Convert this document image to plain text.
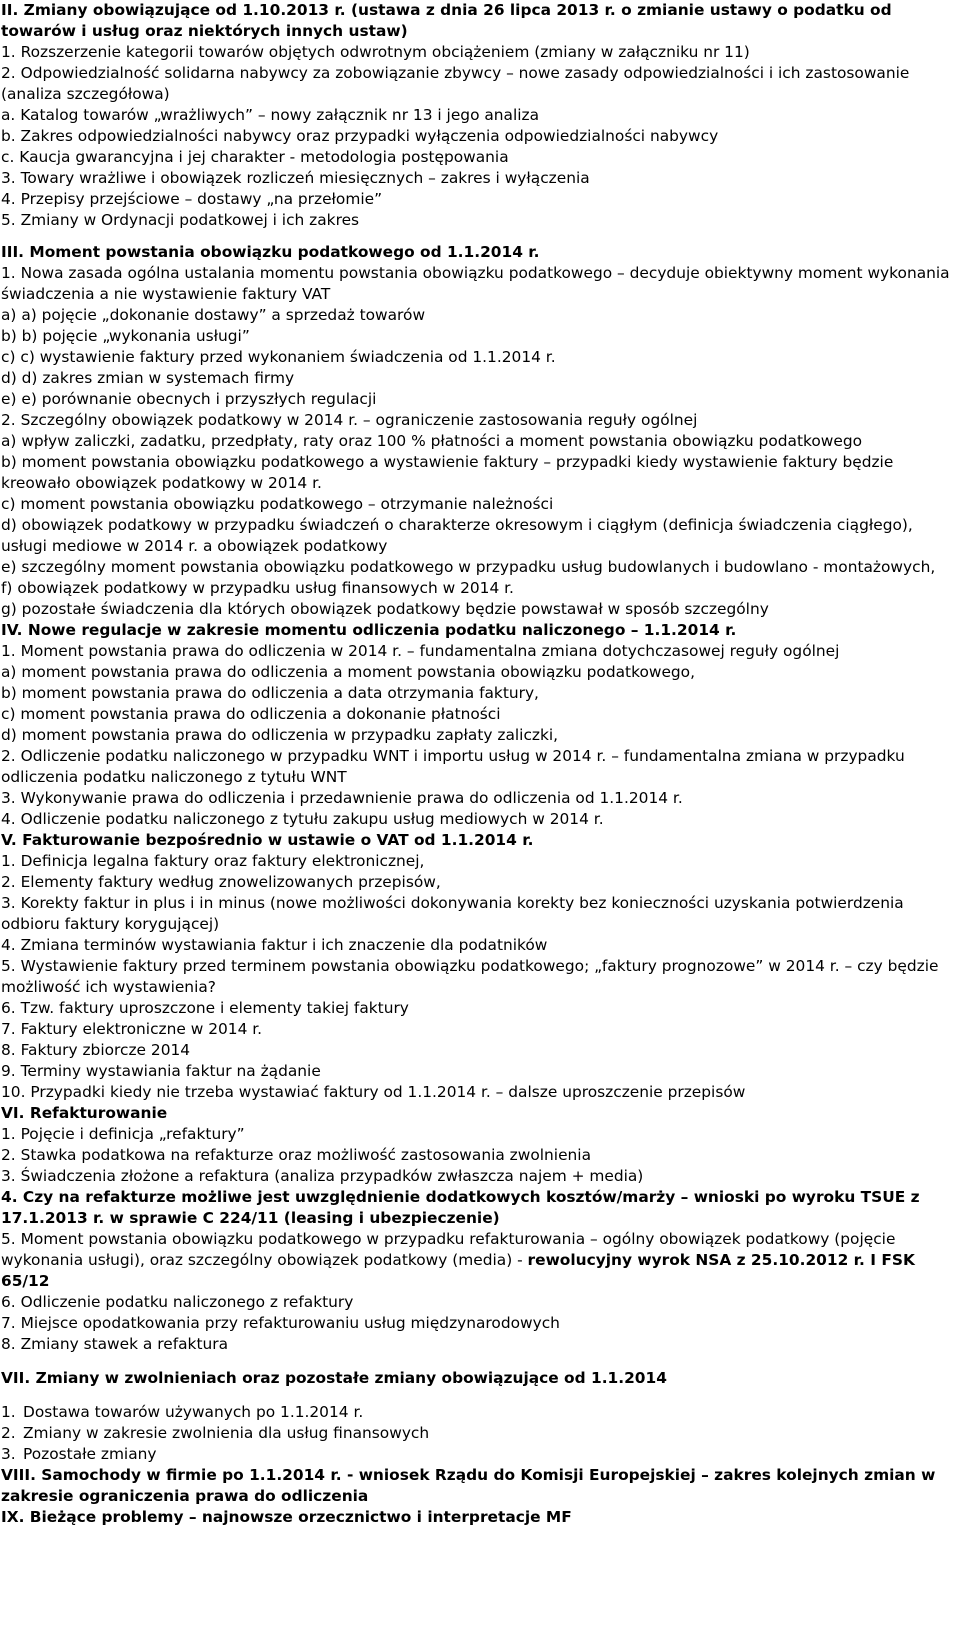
II. Zmiany obowiązujące od 1.10.2013 r. (ustawa z dnia 26 lipca 2013 r. o zmianie ustawy o podatku od towarów i usług oraz niektórych innych ustaw)

1. Rozszerzenie kategorii towarów objętych odwrotnym obciążeniem (zmiany w załączniku nr 11)

2. Odpowiedzialność solidarna nabywcy za zobowiązanie zbywcy – nowe zasady odpowiedzialności i ich zastosowanie (analiza szczegółowa)

a. Katalog towarów „wrażliwych” – nowy załącznik nr 13 i jego analiza

b. Zakres odpowiedzialności nabywcy oraz przypadki wyłączenia odpowiedzialności nabywcy

c. Kaucja gwarancyjna i jej charakter - metodologia postępowania

3. Towary wrażliwe i obowiązek rozliczeń miesięcznych – zakres i wyłączenia

4. Przepisy przejściowe – dostawy „na przełomie”

5. Zmiany w Ordynacji podatkowej i ich zakres

III. Moment powstania obowiązku podatkowego od 1.1.2014 r.

1. Nowa zasada ogólna ustalania momentu powstania obowiązku podatkowego – decyduje obiektywny moment wykonania świadczenia a nie wystawienie faktury VAT

a) a) pojęcie „dokonanie dostawy” a sprzedaż towarów

b) b) pojęcie „wykonania usługi”

c) c) wystawienie faktury przed wykonaniem świadczenia od 1.1.2014 r.

d) d) zakres zmian w systemach firmy

e) e) porównanie obecnych i przyszłych regulacji

2. Szczególny obowiązek podatkowy w 2014 r. – ograniczenie zastosowania reguły ogólnej

a) wpływ zaliczki, zadatku, przedpłaty, raty oraz 100 % płatności a moment powstania obowiązku podatkowego

b) moment powstania obowiązku podatkowego a wystawienie faktury – przypadki kiedy wystawienie faktury będzie kreowało obowiązek podatkowy w 2014 r.

c) moment powstania obowiązku podatkowego – otrzymanie należności

d) obowiązek podatkowy w przypadku świadczeń o charakterze okresowym i ciągłym (definicja świadczenia ciągłego), usługi mediowe w 2014 r. a obowiązek podatkowy

e) szczególny moment powstania obowiązku podatkowego w przypadku usług budowlanych i budowlano - montażowych,

f) obowiązek podatkowy w przypadku usług finansowych w 2014 r.

g) pozostałe świadczenia dla których obowiązek podatkowy będzie powstawał w sposób szczególny

IV. Nowe regulacje w zakresie momentu odliczenia podatku naliczonego – 1.1.2014 r.

1. Moment powstania prawa do odliczenia w 2014 r. – fundamentalna zmiana dotychczasowej reguły ogólnej

a) moment powstania prawa do odliczenia a moment powstania obowiązku podatkowego,

b) moment powstania prawa do odliczenia a data otrzymania faktury,

c) moment powstania prawa do odliczenia a dokonanie płatności

d) moment powstania prawa do odliczenia w przypadku zapłaty zaliczki,

2. Odliczenie podatku naliczonego w przypadku WNT i importu usług w 2014 r. – fundamentalna zmiana w przypadku odliczenia podatku naliczonego z tytułu WNT

3. Wykonywanie prawa do odliczenia i przedawnienie prawa do odliczenia od 1.1.2014 r.

4. Odliczenie podatku naliczonego z tytułu zakupu usług mediowych w 2014 r.

V. Fakturowanie bezpośrednio w ustawie o VAT od 1.1.2014 r.

1. Definicja legalna faktury oraz faktury elektronicznej,

2. Elementy faktury według znowelizowanych przepisów,

3. Korekty faktur in plus i in minus (nowe możliwości dokonywania korekty bez konieczności uzyskania potwierdzenia odbioru faktury korygującej)

4. Zmiana terminów wystawiania faktur i ich znaczenie dla podatników

5. Wystawienie faktury przed terminem powstania obowiązku podatkowego; „faktury prognozowe” w 2014 r. – czy będzie możliwość ich wystawienia?

6. Tzw. faktury uproszczone i elementy takiej faktury

7. Faktury elektroniczne w 2014 r.

8. Faktury zbiorcze 2014

9. Terminy wystawiania faktur na żądanie

10. Przypadki kiedy nie trzeba wystawiać faktury od 1.1.2014 r. – dalsze uproszczenie przepisów

VI. Refakturowanie

1. Pojęcie i definicja „refaktury”

2. Stawka podatkowa na refakturze oraz możliwość zastosowania zwolnienia

3. Świadczenia złożone a refaktura (analiza przypadków zwłaszcza najem + media)

4. Czy na refakturze możliwe jest uwzględnienie dodatkowych kosztów/marży – wnioski po wyroku TSUE z 17.1.2013 r. w sprawie C 224/11 (leasing i ubezpieczenie)

5. Moment powstania obowiązku podatkowego w przypadku refakturowania – ogólny obowiązek podatkowy (pojęcie wykonania usługi), oraz szczególny obowiązek podatkowy (media) - rewolucyjny wyrok NSA z 25.10.2012 r. I FSK 65/12

6. Odliczenie podatku naliczonego z refaktury

7. Miejsce opodatkowania przy refakturowaniu usług międzynarodowych

8. Zmiany stawek a refaktura

VII. Zmiany w zwolnieniach oraz pozostałe zmiany obowiązujące od 1.1.2014

1. Dostawa towarów używanych po 1.1.2014 r.

2. Zmiany w zakresie zwolnienia dla usług finansowych

3. Pozostałe zmiany

VIII. Samochody w firmie po 1.1.2014 r. - wniosek Rządu do Komisji Europejskiej – zakres kolejnych zmian w zakresie ograniczenia prawa do odliczenia

IX. Bieżące problemy – najnowsze orzecznictwo i interpretacje MF
